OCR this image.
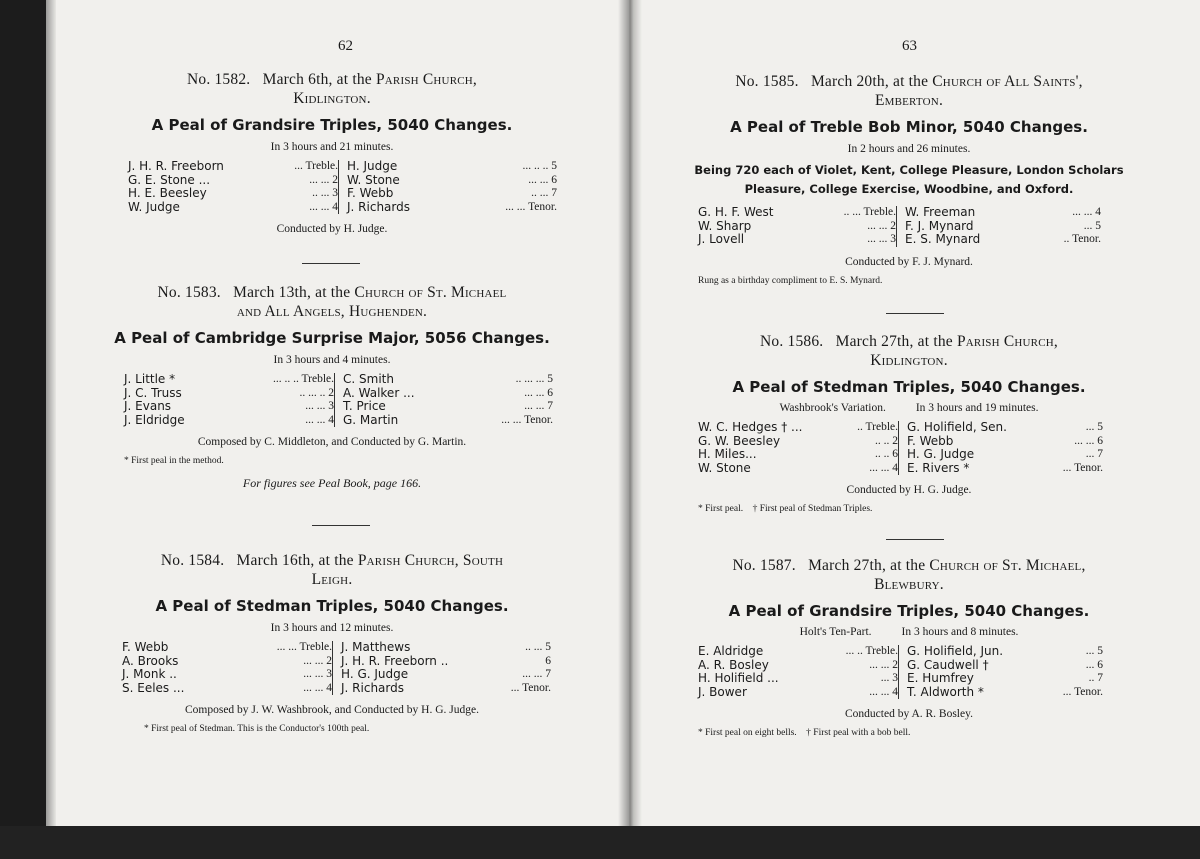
62
No. 1582. March 6th, at the Parish Church,
Kidlington.
A Peal of Grandsire Triples, 5040 Changes.
In 3 hours and 21 minutes.
J. H. R. Freeborn	... Treble.
G. E. Stone ...	... ... 2
H. E. Beesley	.. ... 3
W. Judge	... ... 4
H. Judge	... .. .. 5
W. Stone	... ... 6
F. Webb	.. ... 7
J. Richards	... ... Tenor.
Conducted by H. Judge.
No. 1583. March 13th, at the Church of St. Michael
and All Angels, Hughenden.
A Peal of Cambridge Surprise Major, 5056 Changes.
In 3 hours and 4 minutes.
J. Little *	... .. .. Treble.
J. C. Truss	.. ... .. 2
J. Evans	... ... 3
J. Eldridge	... ... 4
C. Smith	.. ... ... 5
A. Walker ...	... ... 6
T. Price	... ... 7
G. Martin	... ... Tenor.
Composed by C. Middleton, and Conducted by G. Martin.
* First peal in the method.
For figures see Peal Book, page 166.
No. 1584. March 16th, at the Parish Church, South
Leigh.
A Peal of Stedman Triples, 5040 Changes.
In 3 hours and 12 minutes.
F. Webb	... ... Treble.
A. Brooks	... ... 2
J. Monk ..	... ... 3
S. Eeles ...	... ... 4
J. Matthews	.. ... 5
J. H. R. Freeborn ..	6
H. G. Judge	... ... 7
J. Richards	... Tenor.
Composed by J. W. Washbrook, and Conducted by H. G. Judge.
* First peal of Stedman. This is the Conductor's 100th peal.
63
No. 1585. March 20th, at the Church of All Saints',
Emberton.
A Peal of Treble Bob Minor, 5040 Changes.
In 2 hours and 26 minutes.
Being 720 each of Violet, Kent, College Pleasure, London Scholars
Pleasure, College Exercise, Woodbine, and Oxford.
G. H. F. West	.. ... Treble.
W. Sharp	... ... 2
J. Lovell	... ... 3
W. Freeman	... ... 4
F. J. Mynard	... 5
E. S. Mynard	.. Tenor.
Conducted by F. J. Mynard.
Rung as a birthday compliment to E. S. Mynard.
No. 1586. March 27th, at the Parish Church,
Kidlington.
A Peal of Stedman Triples, 5040 Changes.
Washbrook's Variation.	In 3 hours and 19 minutes.
W. C. Hedges † ...	.. Treble.
G. W. Beesley	.. .. 2
H. Miles...	.. .. 6
W. Stone	... ... 4
G. Holifield, Sen.	... 5
F. Webb	... ... 6
H. G. Judge	... 7
E. Rivers *	... Tenor.
Conducted by H. G. Judge.
* First peal.    † First peal of Stedman Triples.
No. 1587. March 27th, at the Church of St. Michael,
Blewbury.
A Peal of Grandsire Triples, 5040 Changes.
Holt's Ten-Part.	In 3 hours and 8 minutes.
E. Aldridge	... .. Treble.
A. R. Bosley	... ... 2
H. Holifield ...	... 3
J. Bower	... ... 4
G. Holifield, Jun.	... 5
G. Caudwell †	... 6
E. Humfrey	.. 7
T. Aldworth *	... Tenor.
Conducted by A. R. Bosley.
* First peal on eight bells.    † First peal with a bob bell.
